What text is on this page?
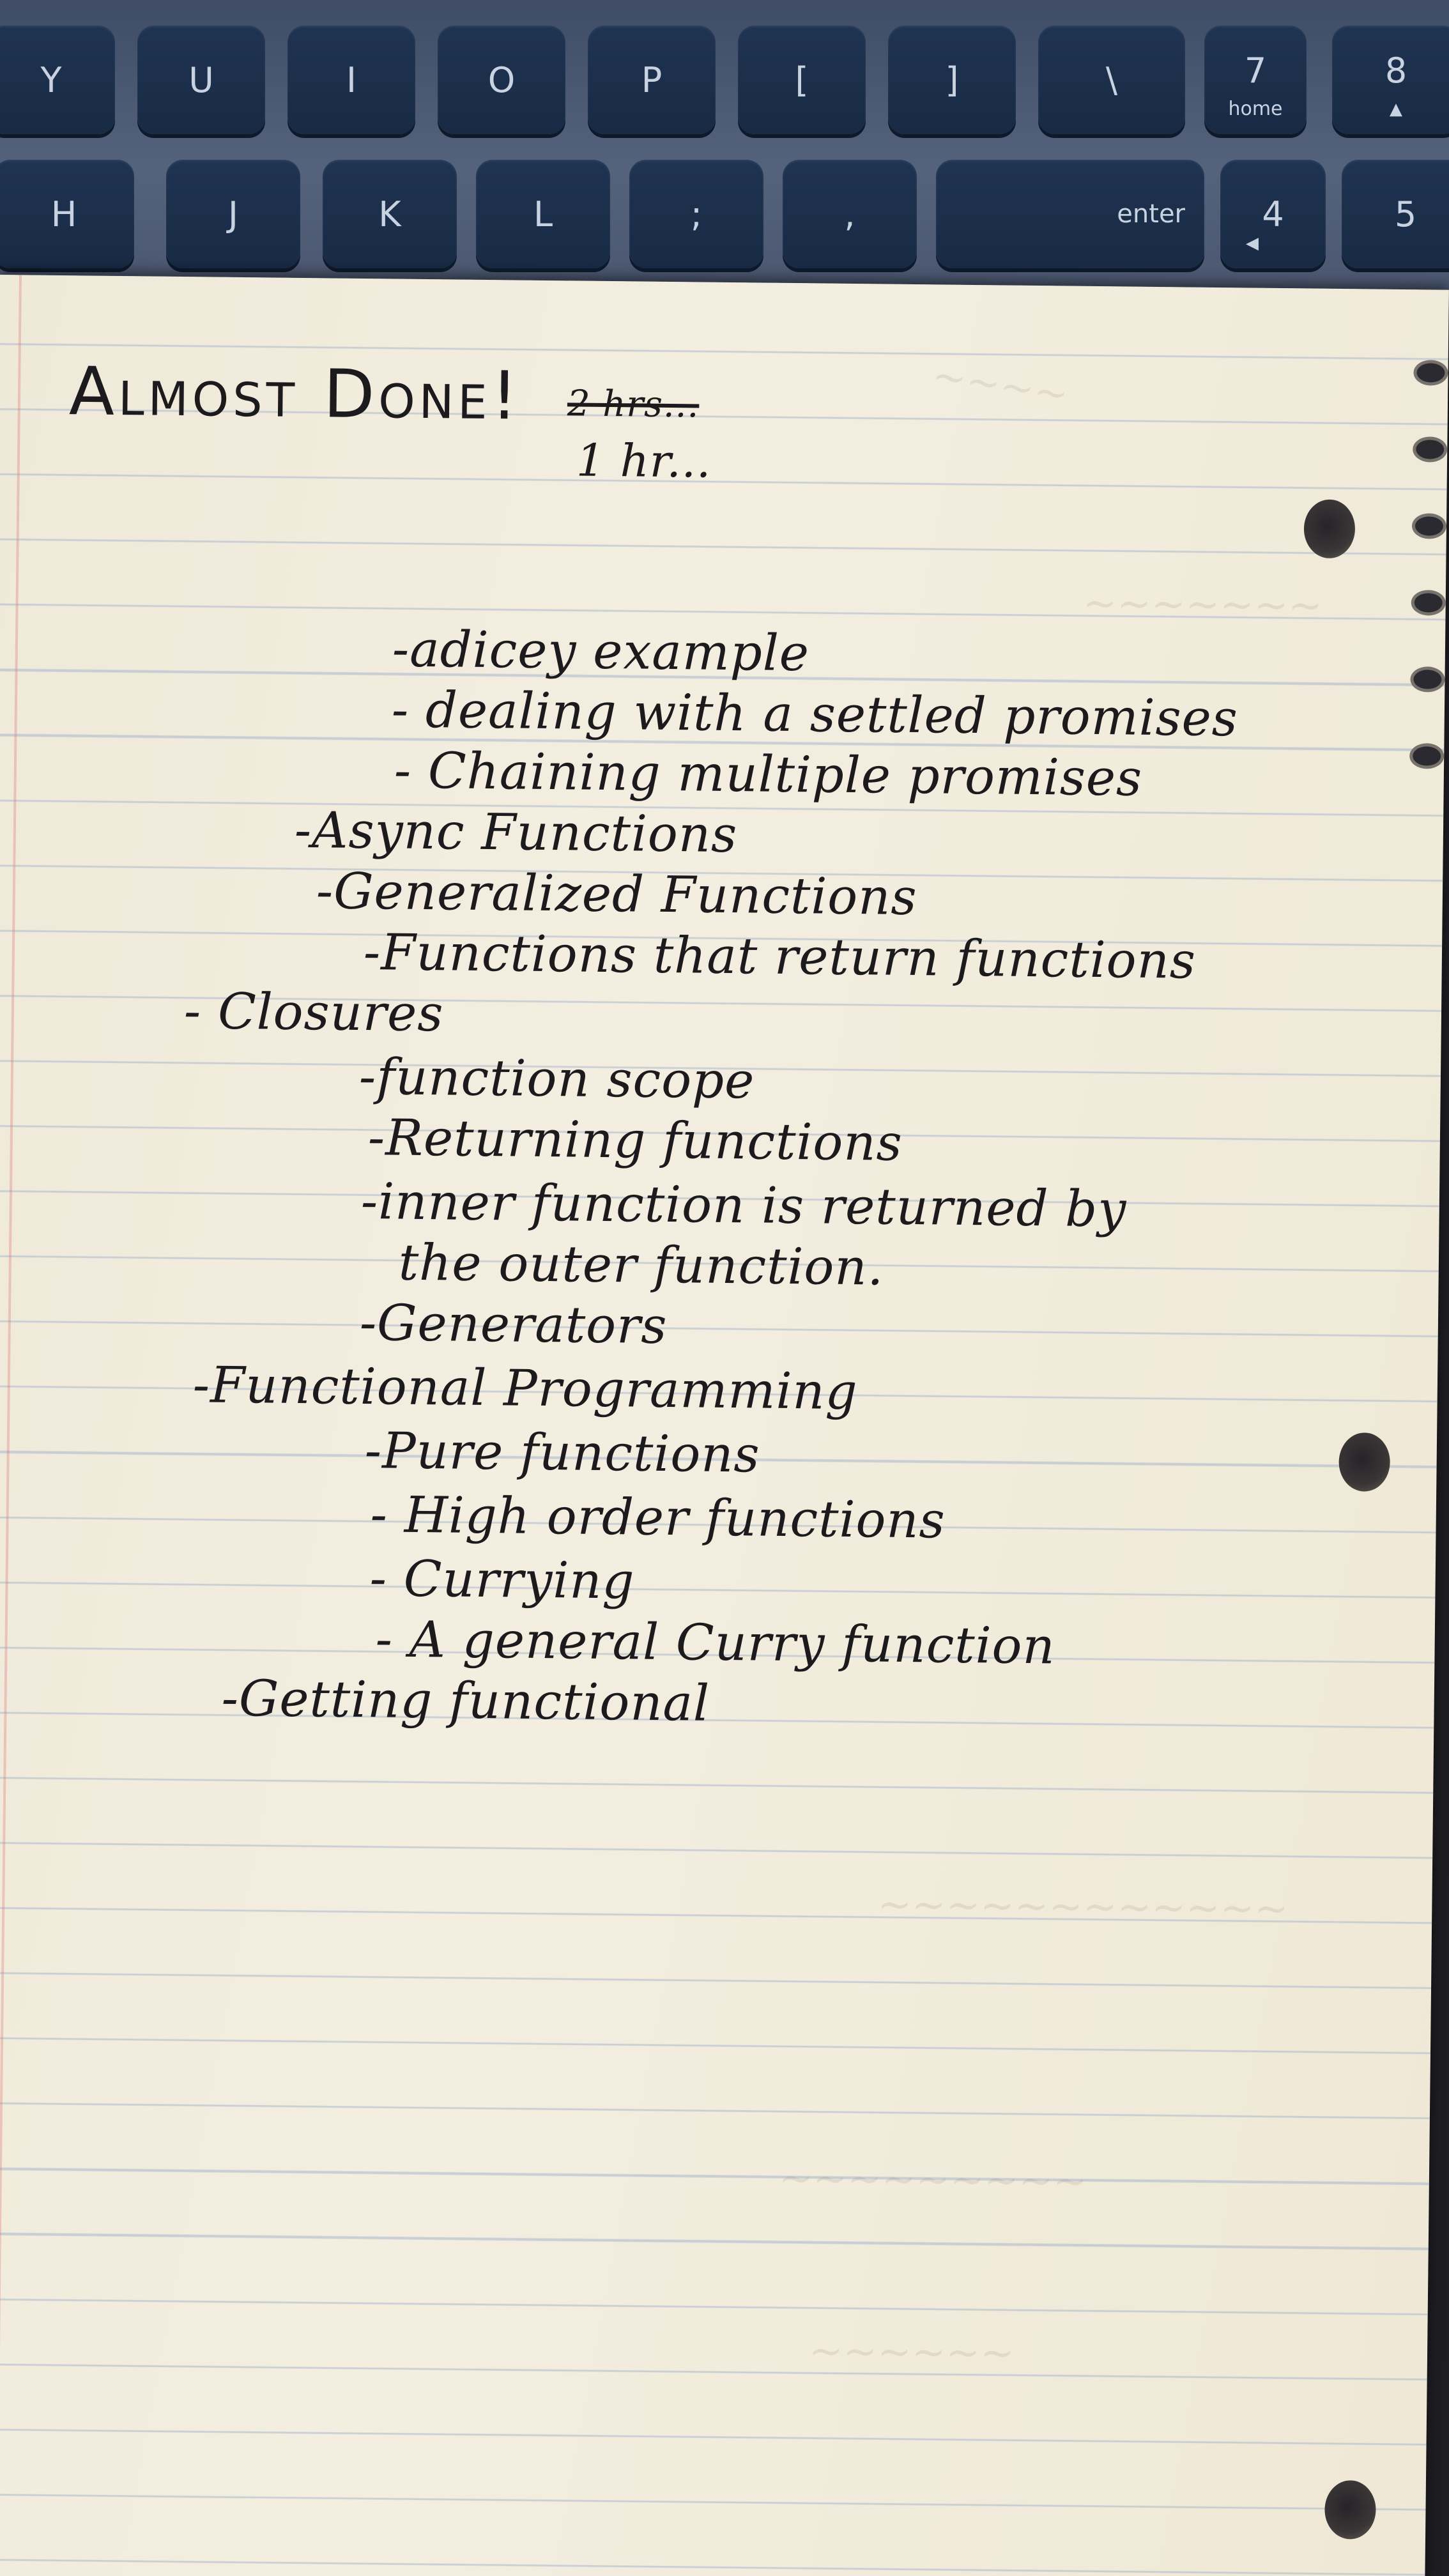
Y	U	I	O	P	[	]	\	7
home
8
▲
H	J	K	L	;	,	enter 4
◀
5
~~~~
~~~~~~~
~~~~~~~~~~~~
~~~~~~~~~
~~~~~~
Almost Done! 2 hrs...
1 hr...
-adicey example
- dealing with a settled promises
- Chaining multiple promises
-Async Functions
-Generalized Functions
-Functions that return functions
- Closures
-function scope
-Returning functions
-inner function is returned by
the outer function.
-Generators
-Functional Programming
-Pure functions
- High order functions
- Currying
- A general Curry function
-Getting functional
